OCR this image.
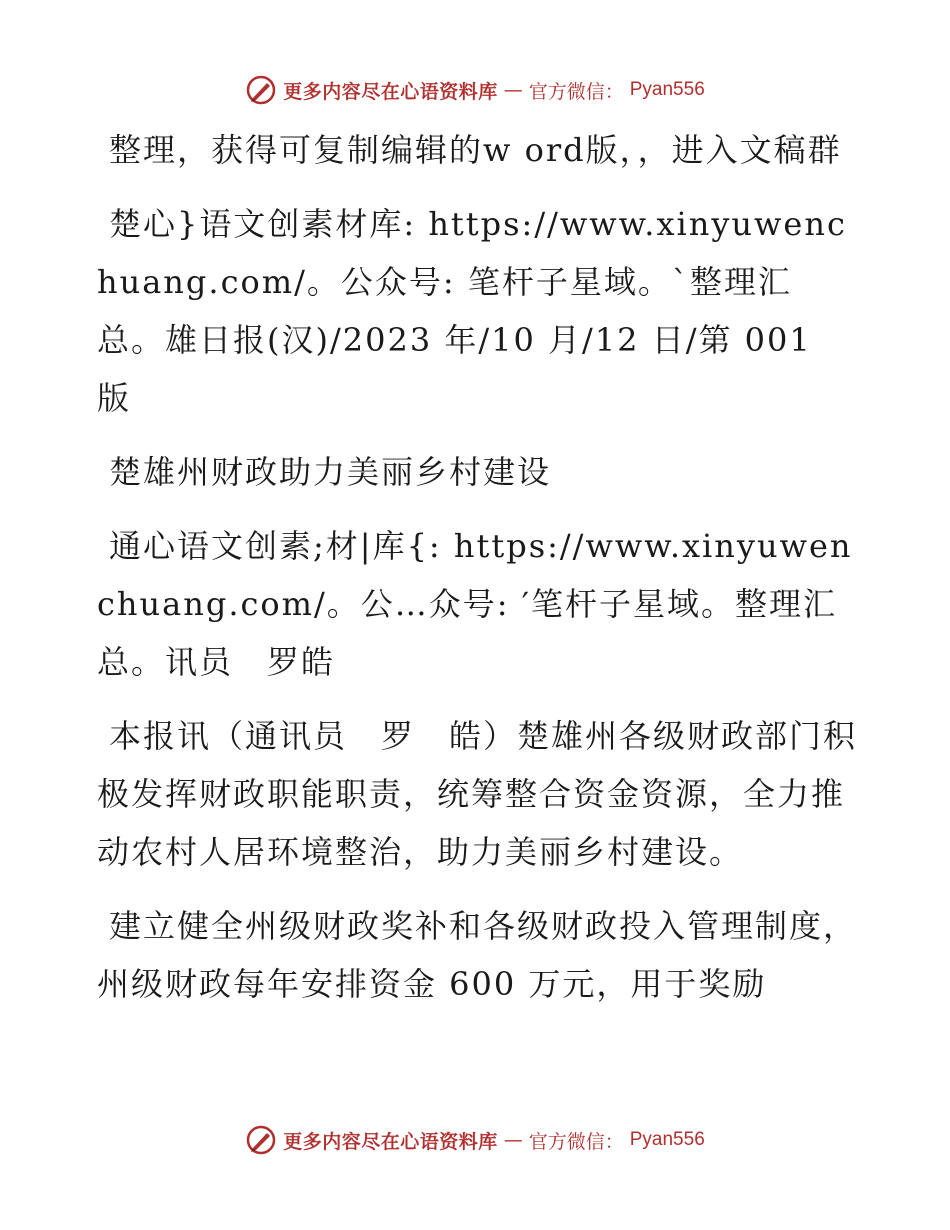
更多内容尽在心语资料库 — 官方微信： Pyan556

整理，获得可复制编辑的w ord版，，进入文稿群

楚心}语文创素材库: https://www.xinyuwenchuang.com/。公众号: 笔杆子星域。`整理汇总。雄日报(汉)/2023 年/10 月/12 日/第 001 版

楚雄州财政助力美丽乡村建设

通心语文创素;材|库{: https://www.xinyuwenchuang.com/。公…众号: ′笔杆子星域。整理汇总。讯员　罗皓

本报讯（通讯员　罗　皓）楚雄州各级财政部门积极发挥财政职能职责，统筹整合资金资源，全力推动农村人居环境整治，助力美丽乡村建设。

建立健全州级财政奖补和各级财政投入管理制度，州级财政每年安排资金 600 万元，用于奖励

更多内容尽在心语资料库 — 官方微信： Pyan556
